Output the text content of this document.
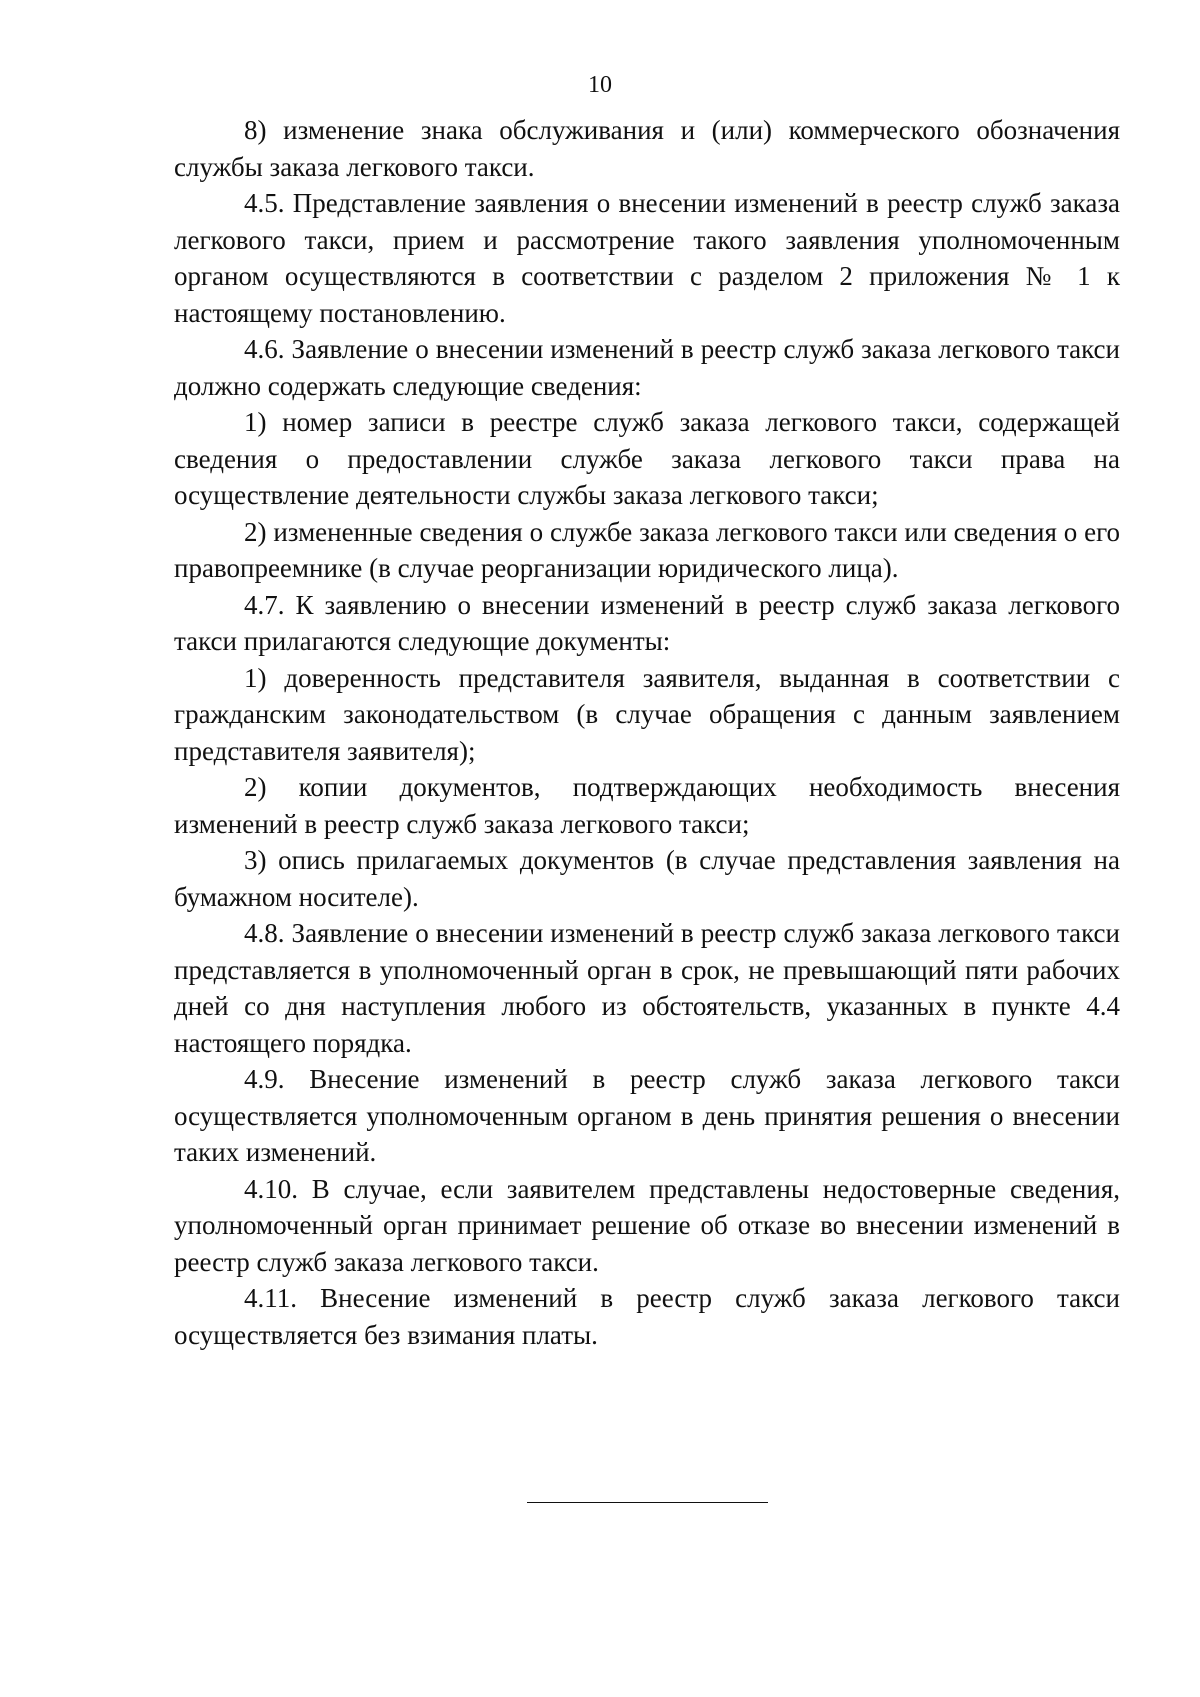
10

8) изменение знака обслуживания и (или) коммерческого обозначения службы заказа легкового такси.

4.5. Представление заявления о внесении изменений в реестр служб заказа легкового такси, прием и рассмотрение такого заявления уполномоченным органом осуществляются в соответствии с разделом 2 приложения № 1 к настоящему постановлению.

4.6. Заявление о внесении изменений в реестр служб заказа легкового такси должно содержать следующие сведения:

1) номер записи в реестре служб заказа легкового такси, содержащей сведения о предоставлении службе заказа легкового такси права на осуществление деятельности службы заказа легкового такси;

2) измененные сведения о службе заказа легкового такси или сведения о его правопреемнике (в случае реорганизации юридического лица).

4.7. К заявлению о внесении изменений в реестр служб заказа легкового такси прилагаются следующие документы:

1) доверенность представителя заявителя, выданная в соответствии с гражданским законодательством (в случае обращения с данным заявлением представителя заявителя);

2) копии документов, подтверждающих необходимость внесения изменений в реестр служб заказа легкового такси;

3) опись прилагаемых документов (в случае представления заявления на бумажном носителе).

4.8. Заявление о внесении изменений в реестр служб заказа легкового такси представляется в уполномоченный орган в срок, не превышающий пяти рабочих дней со дня наступления любого из обстоятельств, указанных в пункте 4.4 настоящего порядка.

4.9. Внесение изменений в реестр служб заказа легкового такси осуществляется уполномоченным органом в день принятия решения о внесении таких изменений.

4.10. В случае, если заявителем представлены недостоверные сведения, уполномоченный орган принимает решение об отказе во внесении изменений в реестр служб заказа легкового такси.

4.11. Внесение изменений в реестр служб заказа легкового такси осуществляется без взимания платы.
